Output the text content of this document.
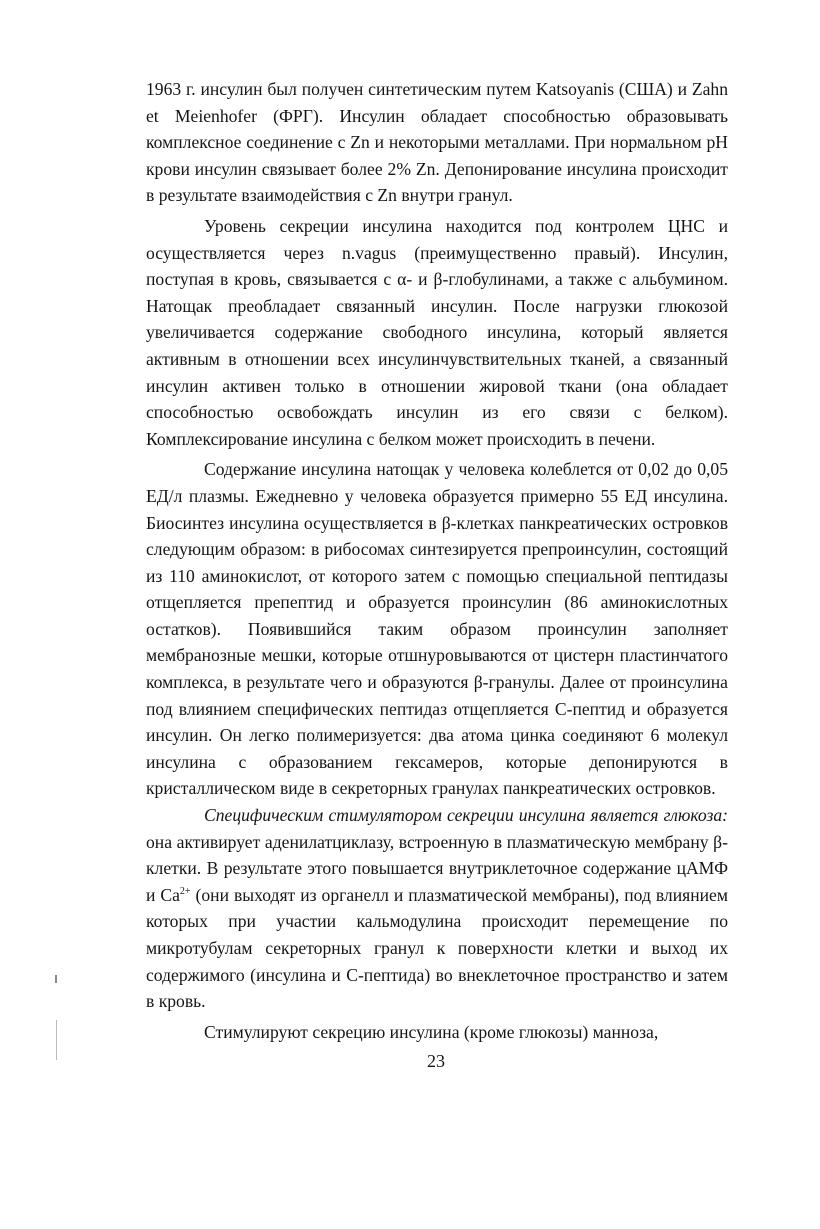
1963 г. инсулин был получен синтетическим путем Katsoyanis (США) и Zahn et Meienhofer (ФРГ). Инсулин обладает способностью образовывать комплексное соединение с Zn и некоторыми металлами. При нормальном pH крови инсулин связывает более 2% Zn. Депонирование инсулина происходит в результате взаимодействия с Zn внутри гранул.

Уровень секреции инсулина находится под контролем ЦНС и осуществляется через n.vagus (преимущественно правый). Инсулин, поступая в кровь, связывается с α- и β-глобулинами, а также с альбумином. Натощак преобладает связанный инсулин. После нагрузки глюкозой увеличивается содержание свободного инсулина, который является активным в отношении всех инсулинчувствительных тканей, а связанный инсулин активен только в отношении жировой ткани (она обладает способностью освобождать инсулин из его связи с белком). Комплексирование инсулина с белком может происходить в печени.

Содержание инсулина натощак у человека колеблется от 0,02 до 0,05 ЕД/л плазмы. Ежедневно у человека образуется примерно 55 ЕД инсулина. Биосинтез инсулина осуществляется в β-клетках панкреатических островков следующим образом: в рибосомах синтезируется препроинсулин, состоящий из 110 аминокислот, от которого затем с помощью специальной пептидазы отщепляется препептид и образуется проинсулин (86 аминокислотных остатков). Появившийся таким образом проинсулин заполняет мембранозные мешки, которые отшнуровываются от цистерн пластинчатого комплекса, в результате чего и образуются β-гранулы. Далее от проинсулина под влиянием специфических пептидаз отщепляется С-пептид и образуется инсулин. Он легко полимеризуется: два атома цинка соединяют 6 молекул инсулина с образованием гексамеров, которые депонируются в кристаллическом виде в секреторных гранулах панкреатических островков.

Специфическим стимулятором секреции инсулина является глюкоза: она активирует аденилатциклазу, встроенную в плазматическую мембрану β-клетки. В результате этого повышается внутриклеточное содержание цАМФ и $Ca^{2+}$ (они выходят из органелл и плазматической мембраны), под влиянием которых при участии кальмодулина происходит перемещение по микротубулам секреторных гранул к поверхности клетки и выход их содержимого (инсулина и С-пептида) во внеклеточное пространство и затем в кровь.

Стимулируют секрецию инсулина (кроме глюкозы) манноза,

23
